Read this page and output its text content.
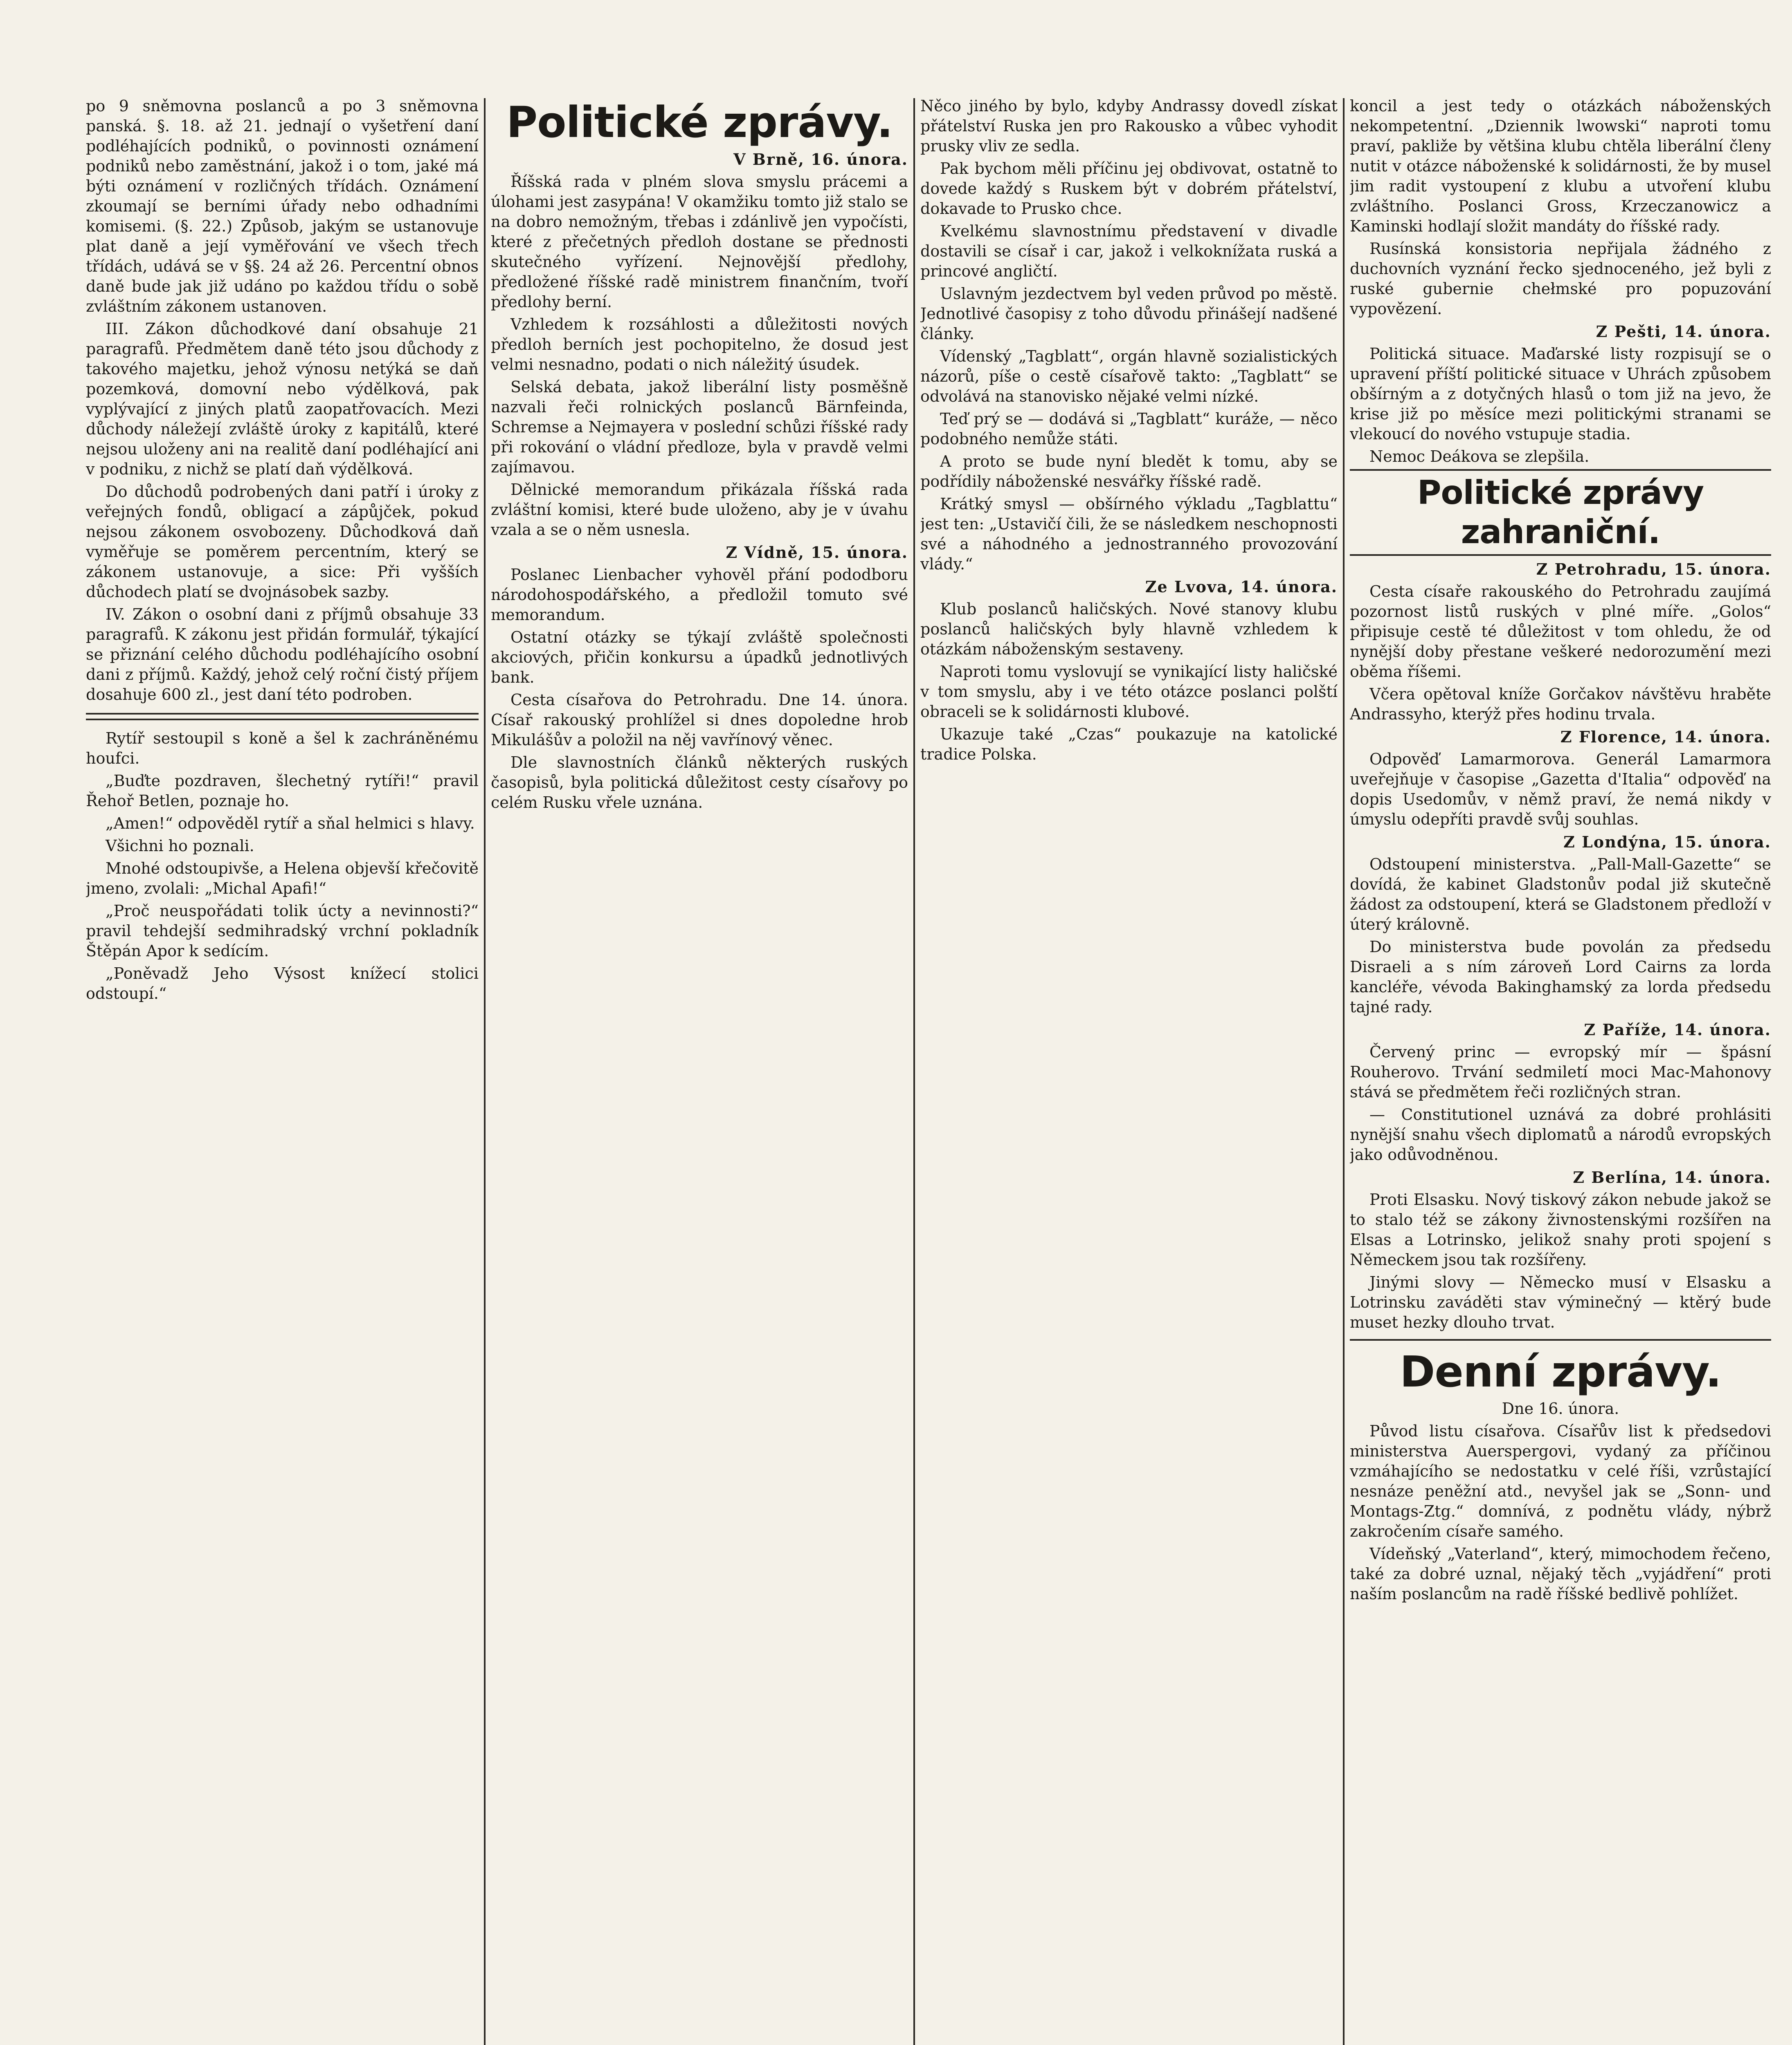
po 9 sněmovna poslanců a po 3 sněmovna panská. §. 18. až 21. jednají o vyšetření daní podléhajících podniků, o povinnosti oznámení podniků nebo zaměstnání, jakož i o tom, jaké má býti oznámení v rozličných třídách. Oznámení zkoumají se berními úřady nebo odhadními komisemi. (§. 22.) Způsob, jakým se ustanovuje plat daně a její vyměřování ve všech třech třídách, udává se v §§. 24 až 26. Percentní obnos daně bude jak již udáno po každou třídu o sobě zvláštním zákonem ustanoven.

III. Zákon důchodkové daní obsahuje 21 paragrafů. Předmětem daně této jsou důchody z takového majetku, jehož výnosu netýká se daň pozemková, domovní nebo výdělková, pak vyplývající z jiných platů zaopatřovacích. Mezi důchody náležejí zvláště úroky z kapitálů, které nejsou uloženy ani na realitě daní podléhající ani v podniku, z nichž se platí daň výdělková.

Do důchodů podrobených dani patří i úroky z veřejných fondů, obligací a zápůjček, pokud nejsou zákonem osvobozeny. Důchodková daň vyměřuje se poměrem percentním, který se zákonem ustanovuje, a sice: Při vyšších důchodech platí se dvojnásobek sazby.

IV. Zákon o osobní dani z příjmů obsahuje 33 paragrafů. K zákonu jest přidán formulář, týkající se přiznání celého důchodu podléhajícího osobní dani z příjmů. Každý, jehož celý roční čistý příjem dosahuje 600 zl., jest daní této podroben.

Rytíř sestoupil s koně a šel k zachráněnému houfci.

„Buďte pozdraven, šlechetný rytíři!“ pravil Řehoř Betlen, poznaje ho.

„Amen!“ odpověděl rytíř a sňal helmici s hlavy.

Všichni ho poznali.

Mnohé odstoupivše, a Helena objevší křečovitě jmeno, zvolali: „Michal Apafi!“

„Proč neuspořádati tolik úcty a nevinnosti?“ pravil tehdejší sedmihradský vrchní pokladník Štěpán Apor k sedícím.

„Poněvadž Jeho Výsost knížecí stolici odstoupí.“

Politické zprávy.

V Brně, 16. února.

Říšská rada v plném slova smyslu prácemi a úlohami jest zasypána! V okamžiku tomto již stalo se na dobro nemožným, třebas i zdánlivě jen vypočísti, které z přečetných předloh dostane se přednosti skutečného vyřízení. Nejnovější předlohy, předložené říšské radě ministrem finančním, tvoří předlohy berní.

Vzhledem k rozsáhlosti a důležitosti nových předloh berních jest pochopitelno, že dosud jest velmi nesnadno, podati o nich náležitý úsudek.

Selská debata, jakož liberální listy posměšně nazvali řeči rolnických poslanců Bärnfeinda, Schremse a Nejmayera v poslední schůzi říšské rady při rokování o vládní předloze, byla v pravdě velmi zajímavou.

Dělnické memorandum přikázala říšská rada zvláštní komisi, které bude uloženo, aby je v úvahu vzala a se o něm usnesla.

Z Vídně, 15. února.

Poslanec Lienbacher vyhověl přání pododboru národohospodářského, a předložil tomuto své memorandum.

Ostatní otázky se týkají zvláště společnosti akciových, přičin konkursu a úpadků jednotlivých bank.

Cesta císařova do Petrohradu. Dne 14. února. Císař rakouský prohlížel si dnes dopoledne hrob Mikulášův a položil na něj vavřínový věnec.

Dle slavnostních článků některých ruských časopisů, byla politická důležitost cesty císařovy po celém Rusku vřele uznána.

Něco jiného by bylo, kdyby Andrassy dovedl získat přátelství Ruska jen pro Rakousko a vůbec vyhodit prusky vliv ze sedla.

Pak bychom měli příčinu jej obdivovat, ostatně to dovede každý s Ruskem být v dobrém přátelství, dokavade to Prusko chce.

Kvelkému slavnostnímu představení v divadle dostavili se císař i car, jakož i velkoknížata ruská a princové angličtí.

Uslavným jezdectvem byl veden průvod po městě. Jednotlivé časopisy z toho důvodu přinášejí nadšené články.

Vídenský „Tagblatt“, orgán hlavně sozialistických názorů, píše o cestě císařově takto: „Tagblatt“ se odvolává na stanovisko nějaké velmi nízké.

Teď prý se — dodává si „Tagblatt“ kuráže, — něco podobného nemůže státi.

A proto se bude nyní bledět k tomu, aby se podřídily náboženské nesvářky říšské radě.

Krátký smysl — obšírného výkladu „Tagblattu“ jest ten: „Ustavičí čili, že se následkem neschopnosti své a náhodného a jednostranného provozování vlády.“

Ze Lvova, 14. února.

Klub poslanců haličských. Nové stanovy klubu poslanců haličských byly hlavně vzhledem k otázkám náboženským sestaveny.

Naproti tomu vyslovují se vynikající listy haličské v tom smyslu, aby i ve této otázce poslanci polští obraceli se k solidárnosti klubové.

Ukazuje také „Czas“ poukazuje na katolické tradice Polska.

koncil a jest tedy o otázkách náboženských nekompetentní. „Dziennik lwowski“ naproti tomu praví, pakliže by většina klubu chtěla liberální členy nutit v otázce náboženské k solidárnosti, že by musel jim radit vystoupení z klubu a utvoření klubu zvláštního. Poslanci Gross, Krzeczanowicz a Kaminski hodlají složit mandáty do říšské rady.

Rusínská konsistoria nepřijala žádného z duchovních vyznání řecko sjednoceného, jež byli z ruské gubernie chełmské pro popuzování vypovězení.

Z Pešti, 14. února.

Politická situace. Maďarské listy rozpisují se o upravení příští politické situace v Uhrách způsobem obšírným a z dotyčných hlasů o tom již na jevo, že krise již po měsíce mezi politickými stranami se vlekoucí do nového vstupuje stadia.

Nemoc Deákova se zlepšila.

Politické zprávy zahraniční.

Z Petrohradu, 15. února.

Cesta císaře rakouského do Petrohradu zaujímá pozornost listů ruských v plné míře. „Golos“ připisuje cestě té důležitost v tom ohledu, že od nynější doby přestane veškeré nedorozumění mezi oběma říšemi.

Včera opětoval kníže Gorčakov návštěvu hraběte Andrassyho, kterýž přes hodinu trvala.

Z Florence, 14. února.

Odpověď Lamarmorova. Generál Lamarmora uveřejňuje v časopise „Gazetta d'Italia“ odpověď na dopis Usedomův, v němž praví, že nemá nikdy v úmyslu odepříti pravdě svůj souhlas.

Z Londýna, 15. února.

Odstoupení ministerstva. „Pall-Mall-Gazette“ se dovídá, že kabinet Gladstonův podal již skutečně žádost za odstoupení, která se Gladstonem předloží v úterý královně.

Do ministerstva bude povolán za předsedu Disraeli a s ním zároveň Lord Cairns za lorda kancléře, vévoda Bakinghamský za lorda předsedu tajné rady.

Z Paříže, 14. února.

Červený princ — evropský mír — špásní Rouherovo. Trvání sedmiletí moci Mac-Mahonovy stává se předmětem řeči rozličných stran.

— Constitutionel uznává za dobré prohlásiti nynější snahu všech diplomatů a národů evropských jako odůvodněnou.

Z Berlína, 14. února.

Proti Elsasku. Nový tiskový zákon nebude jakož se to stalo též se zákony živnostenskými rozšířen na Elsas a Lotrinsko, jelikož snahy proti spojení s Německem jsou tak rozšířeny.

Jinými slovy — Německo musí v Elsasku a Lotrinsku zaváděti stav výminečný — ktěrý bude muset hezky dlouho trvat.

Denní zprávy.

Dne 16. února.

Původ listu císařova. Císařův list k předsedovi ministerstva Auerspergovi, vydaný za příčinou vzmáhajícího se nedostatku v celé říši, vzrůstající nesnáze peněžní atd., nevyšel jak se „Sonn- und Montags-Ztg.“ domnívá, z podnětu vlády, nýbrž zakročením císaře samého.

Vídeňský „Vaterland“, který, mimochodem řečeno, také za dobré uznal, nějaký těch „vyjádření“ proti naším poslancům na radě říšské bedlivě pohlížet.
